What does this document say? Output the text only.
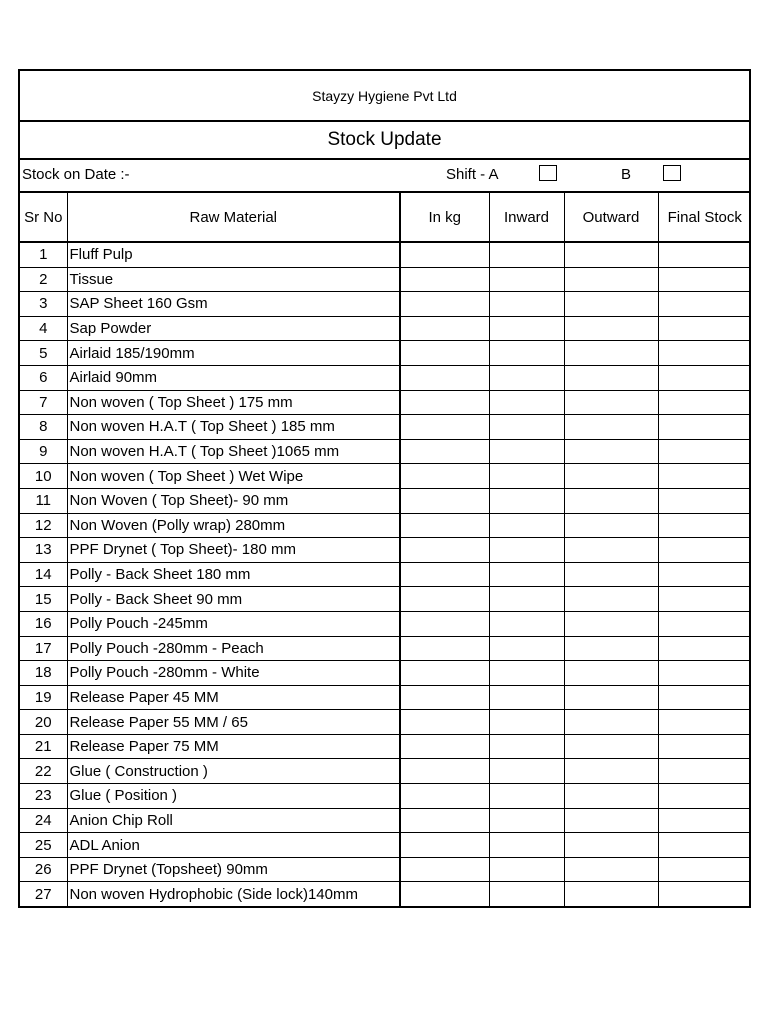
Stayzy Hygiene Pvt Ltd
Stock Update
Stock on Date :-	Shift - A	B
Sr No	Raw Material	In kg	Inward	Outward	Final Stock
1	Fluff Pulp				
2	Tissue				
3	SAP Sheet 160 Gsm				
4	Sap Powder				
5	Airlaid 185/190mm				
6	Airlaid 90mm				
7	Non woven ( Top Sheet ) 175 mm				
8	Non woven H.A.T ( Top Sheet ) 185 mm				
9	Non woven H.A.T ( Top Sheet )1065 mm				
10	Non woven ( Top Sheet ) Wet Wipe				
11	Non Woven ( Top Sheet)- 90 mm				
12	Non Woven (Polly wrap) 280mm				
13	PPF Drynet ( Top Sheet)- 180 mm				
14	Polly - Back Sheet 180 mm				
15	Polly - Back Sheet 90 mm				
16	Polly Pouch -245mm				
17	Polly Pouch -280mm - Peach				
18	Polly Pouch -280mm - White				
19	Release Paper 45 MM				
20	Release Paper 55 MM / 65				
21	Release Paper 75 MM				
22	Glue ( Construction )				
23	Glue ( Position )				
24	Anion Chip Roll				
25	ADL Anion				
26	PPF Drynet (Topsheet) 90mm				
27	Non woven Hydrophobic (Side lock)140mm				
